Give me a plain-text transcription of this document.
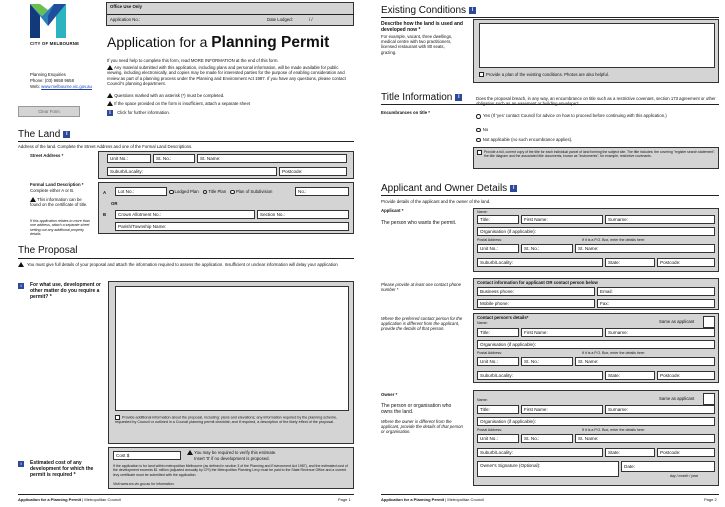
CITY OF MELBOURNE
Planning Enquiries
Phone: (03) 9658 9658
Web: www.melbourne.vic.gov.au
Clear Form
Office Use Only
Application No.:	Date Lodged:	/ /
Application for a Planning Permit
If you need help to complete this form, read MORE INFORMATION at the end of this form.
Any material submitted with this application, including plans and personal information, will be made available for public viewing, including electronically, and copies may be made for interested parties for the purpose of enabling consideration and review as part of a planning process under the Planning and Environment Act 1987. If you have any questions, please contact Council's planning department.
Questions marked with an asterisk (*) must be completed.
If the space provided on the form is insufficient, attach a separate sheet
i Click for further information.
The Land i
Address of the land. Complete the Street Address and one of the Formal Land Descriptions.
Street Address *
Unit No.:	St. No.:	St. Name:
Suburb/Locality:	Postcode:
Formal Land Description *
Complete either A or B.
This information can be found on the certificate of title.
If this application relates to more than one address, attach a separate sheet setting out any additional property details.
A	Lot No.:	Lodged Plan Title Plan Plan of Subdivision	No.:
OR
B	Crown Allotment No.:	Section No.:
Parish/Township Name:
The Proposal
You must give full details of your proposal and attach the information required to assess the application. Insufficient or unclear information will delay your application
i	For what use, development or other matter do you require a permit? *
Provide additional information about the proposal, including: plans and elevations; any information required by the planning scheme, requested by Council or outlined in a Council planning permit checklist; and if required, a description of the likely effect of the proposal.
i	Estimated cost of any development for which the permit is required *
Cost $
You may be required to verify this estimate.
Insert '0' if no development is proposed.
If the application is for land within metropolitan Melbourne (as defined in section 3 of the Planning and Environment Act 1987), and the estimated cost of the development exceeds $1 million (adjusted annually by CPI) the Metropolitan Planning Levy must be paid to the State Revenue Office and a current levy certificate must be submitted with the application.
Visit www.sro.vic.gov.au for information.
Application for a Planning Permit | Metropolitan Council	Page 1
Existing Conditions i
Describe how the land is used and developed now *
For example, vacant, three dwellings, medical centre with two practitioners, licensed restaurant with 80 seats, grazing.
Provide a plan of the existing conditions. Photos are also helpful.
Title Information i	Does the proposal breach, in any way, an encumbrance on title such as a restrictive covenant, section 173 agreement or other obligation such as an easement or building envelope?
Encumbrances on title *
Yes (If 'yes' contact Council for advice on how to proceed before continuing with this application.)
No
Not applicable (no such encumbrance applies).
Provide a full, current copy of the title for each individual parcel of land forming the subject site. The title includes: the covering "register search statement", the title diagram and the associated title documents, known as "instruments", for example, restrictive covenants.
Applicant and Owner Details i
Provide details of the applicant and the owner of the land.
Applicant *
The person who wants the permit.
Name:
Title:	First Name:	Surname:
Organisation (if applicable):
Postal Address:	If it is a P.O. Box, enter the details here:
Unit No.:	St. No.:	St. Name:
Suburb/Locality:	State:	Postcode:
Please provide at least one contact phone number *
Contact information for applicant OR contact person below
Business phone:	Email:
Mobile phone:	Fax:
Where the preferred contact person for the application is different from the applicant, provide the details of that person.
Contact person's details*
Same as applicant
Name:
Title:	First Name:	Surname:
Organisation (if applicable):
Postal Address:	If it is a P.O. Box, enter the details here:
Unit No.:	St. No.:	St. Name:
Suburb/Locality:	State:	Postcode:
Owner *
The person or organisation who owns the land.
Where the owner is different from the applicant, provide the details of that person or organisation.
Same as applicant
Name:
Title:	First Name:	Surname:
Organisation (if applicable):
Postal Address:	If it is a P.O. Box, enter the details here:
Unit No.:	St. No.:	St. Name:
Suburb/Locality:	State:	Postcode:
Owner's Signature (Optional):	Date:
day / month / year
Application for a Planning Permit | Metropolitan Council	Page 2
